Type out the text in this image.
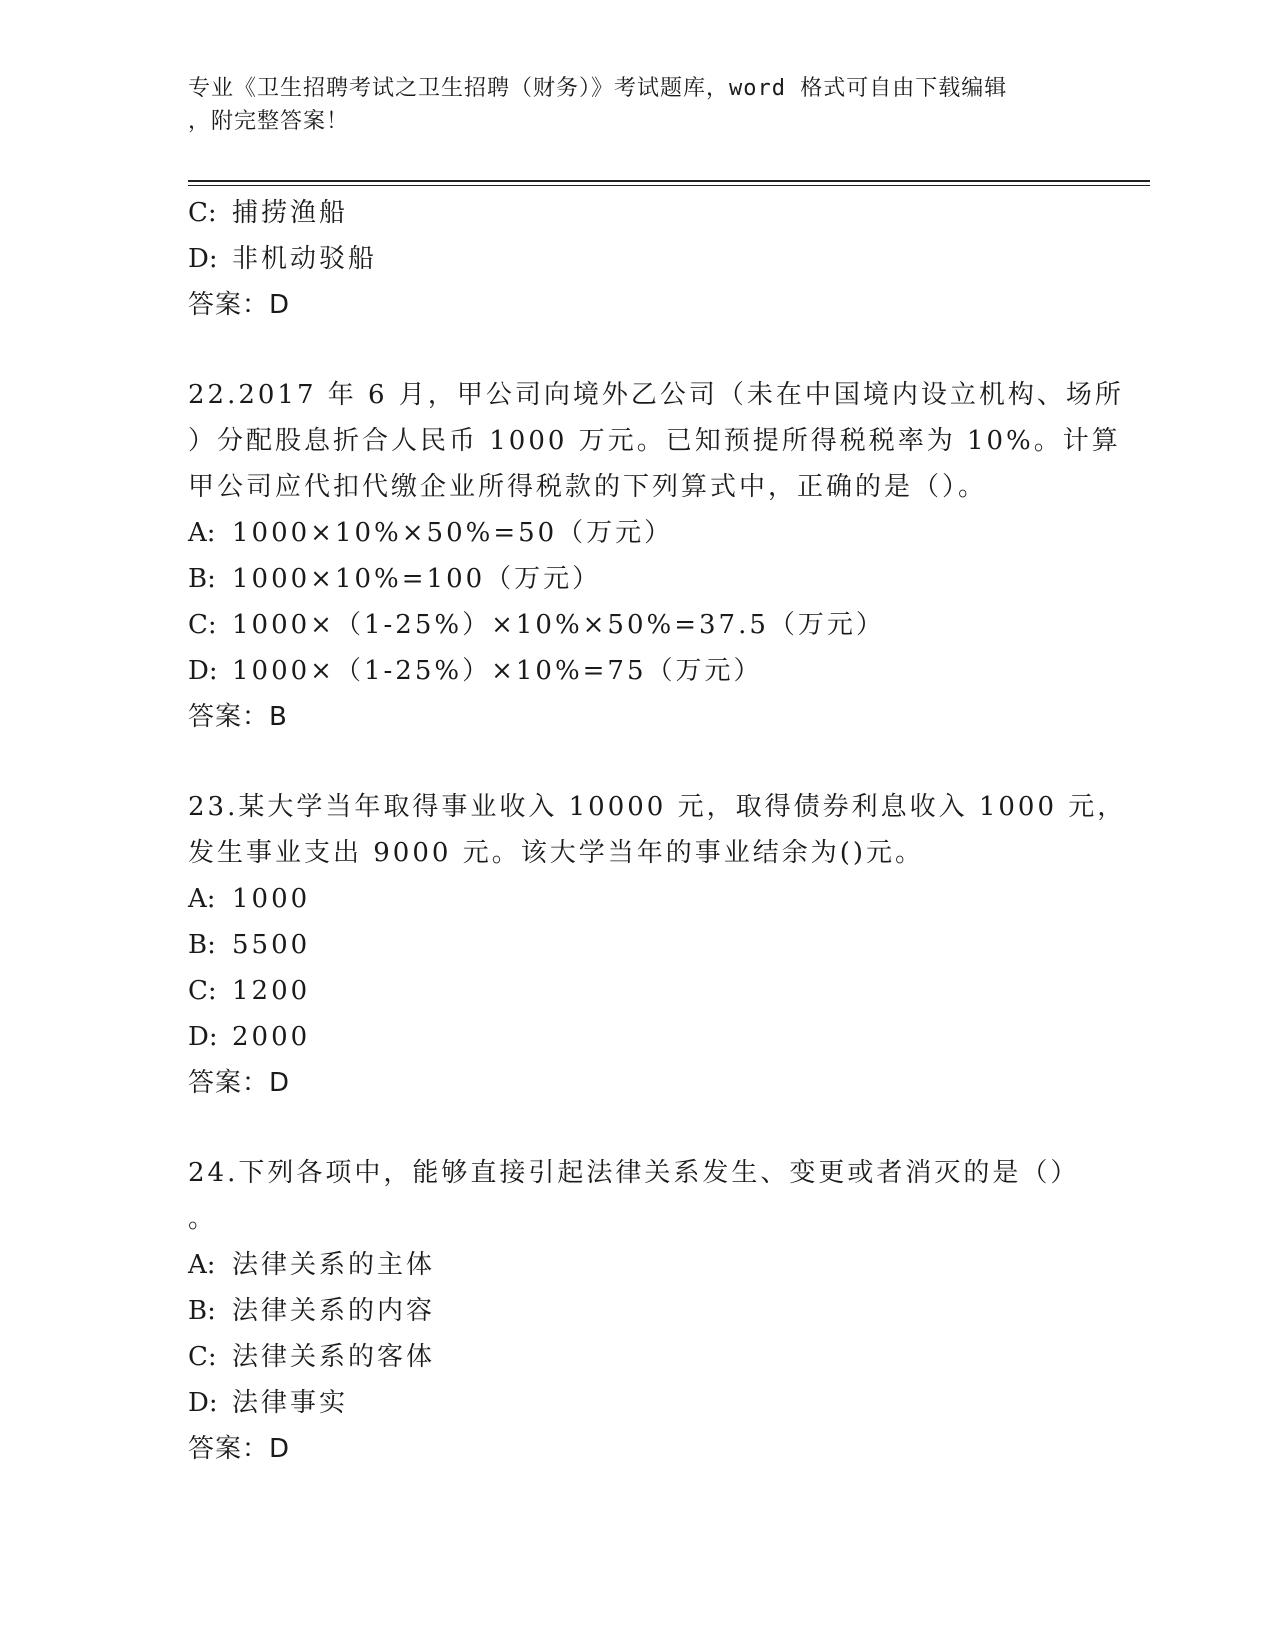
专业《卫生招聘考试之卫生招聘（财务）》考试题库，word 格式可自由下载编辑
，附完整答案！
C: 捕捞渔船
D: 非机动驳船
答案：D
22.2017 年 6 月，甲公司向境外乙公司（未在中国境内设立机构、场所
）分配股息折合人民币 1000 万元。已知预提所得税税率为 10%。计算
甲公司应代扣代缴企业所得税款的下列算式中，正确的是（）。
A: 1000×10%×50%=50（万元）
B: 1000×10%=100（万元）
C: 1000×（1-25%）×10%×50%=37.5（万元）
D: 1000×（1-25%）×10%=75（万元）
答案：B
23.某大学当年取得事业收入 10000 元，取得债券利息收入 1000 元，
发生事业支出 9000 元。该大学当年的事业结余为()元。
A: 1000
B: 5500
C: 1200
D: 2000
答案：D
24.下列各项中，能够直接引起法律关系发生、变更或者消灭的是（）
。
A: 法律关系的主体
B: 法律关系的内容
C: 法律关系的客体
D: 法律事实
答案：D
